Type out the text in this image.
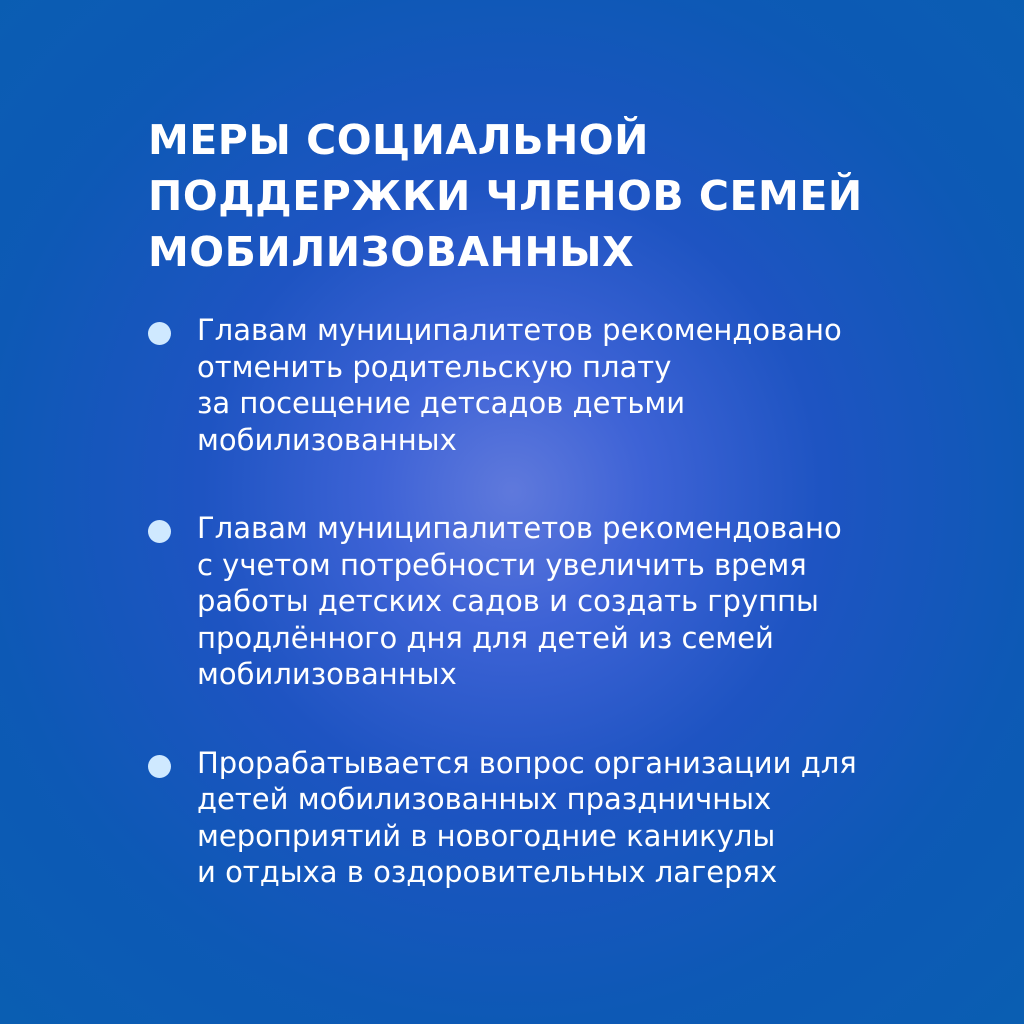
МЕРЫ СОЦИАЛЬНОЙ
ПОДДЕРЖКИ ЧЛЕНОВ СЕМЕЙ
МОБИЛИЗОВАННЫХ
Главам муниципалитетов рекомендовано
отменить родительскую плату
за посещение детсадов детьми
мобилизованных
Главам муниципалитетов рекомендовано
с учетом потребности увеличить время
работы детских садов и создать группы
продлённого дня для детей из семей
мобилизованных
Прорабатывается вопрос организации для
детей мобилизованных праздничных
мероприятий в новогодние каникулы
и отдыха в оздоровительных лагерях
